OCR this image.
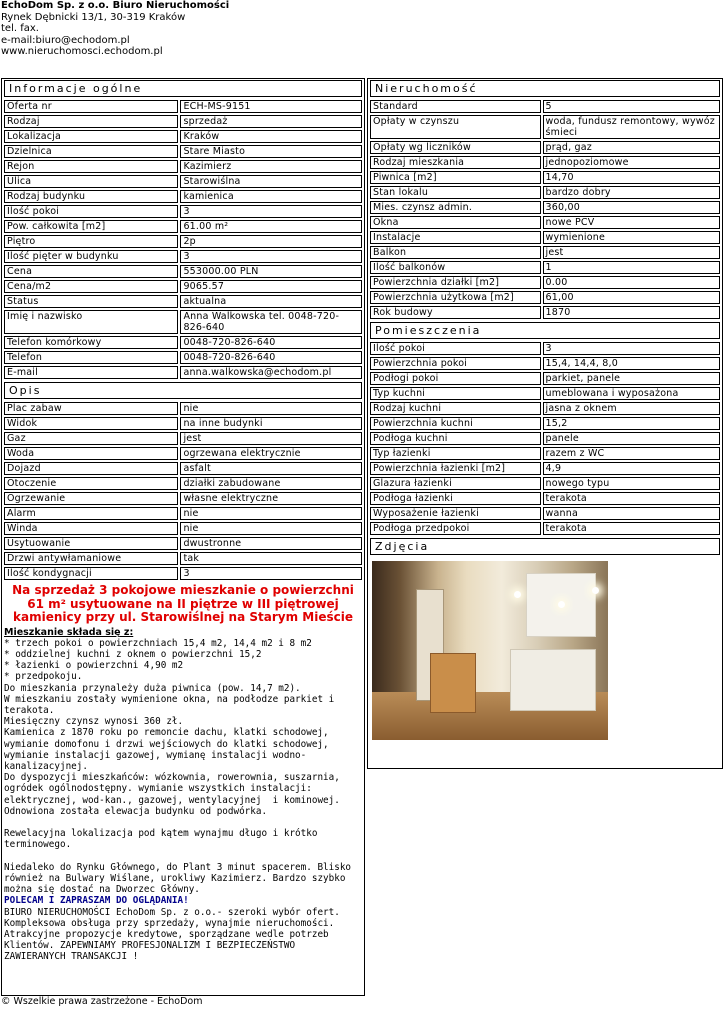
EchoDom Sp. z o.o. Biuro Nieruchomości
Rynek Dębnicki 13/1, 30-319 Kraków
tel. fax.
e-mail:biuro@echodom.pl
www.nieruchomosci.echodom.pl
Informacje ogólne
Oferta nr	ECH-MS-9151
Rodzaj	sprzedaż
Lokalizacja	Kraków
Dzielnica	Stare Miasto
Rejon	Kazimierz
Ulica	Starowiślna
Rodzaj budynku	kamienica
Ilość pokoi	3
Pow. całkowita [m2]	61.00 m²
Piętro	2p
Ilość pięter w budynku	3
Cena	553000.00 PLN
Cena/m2	9065.57
Status	aktualna
Imię i nazwisko	Anna Walkowska tel. 0048-720-826-640
Telefon komórkowy	0048-720-826-640
Telefon	0048-720-826-640
E-mail	anna.walkowska@echodom.pl
Opis
Plac zabaw	nie
Widok	na inne budynki
Gaz	jest
Woda	ogrzewana elektrycznie
Dojazd	asfalt
Otoczenie	działki zabudowane
Ogrzewanie	własne elektryczne
Alarm	nie
Winda	nie
Usytuowanie	dwustronne
Drzwi antywłamaniowe	tak
Ilość kondygnacji	3
Na sprzedaż 3 pokojowe mieszkanie o powierzchni 61 m² usytuowane na II piętrze w III piętrowej kamienicy przy ul. Starowiślnej na Starym Mieście
Mieszkanie składa się z:
* trzech pokoi o powierzchniach 15,4 m2, 14,4 m2 i 8 m2
* oddzielnej kuchni z oknem o powierzchni 15,2
* łazienki o powierzchni 4,90 m2
* przedpokoju.
Do mieszkania przynależy duża piwnica (pow. 14,7 m2).
W mieszkaniu zostały wymienione okna, na podłodze parkiet i terakota.
Miesięczny czynsz wynosi 360 zł.
Kamienica z 1870 roku po remoncie dachu, klatki schodowej, wymianie domofonu i drzwi wejściowych do klatki schodowej, wymianie instalacji gazowej, wymianę instalacji wodno-kanalizacyjnej.
Do dyspozycji mieszkańców: wózkownia, rowerownia, suszarnia, ogródek ogólnodostępny. wymianie wszystkich instalacji: elektrycznej, wod-kan., gazowej, wentylacyjnej  i kominowej. Odnowiona została elewacja budynku od podwórka.

Rewelacyjna lokalizacja pod kątem wynajmu długo i krótko terminowego.

Niedaleko do Rynku Głównego, do Plant 3 minut spacerem. Blisko również na Bulwary Wiślane, urokliwy Kazimierz. Bardzo szybko można się dostać na Dworzec Główny.
POLECAM I ZAPRASZAM DO OGLĄDANIA!
BIURO NIERUCHOMOŚCI EchoDom Sp. z o.o.- szeroki wybór ofert. Kompleksowa obsługa przy sprzedaży, wynajmie nieruchomości. Atrakcyjne propozycje kredytowe, sporządzane wedle potrzeb Klientów. ZAPEWNIAMY PROFESJONALIZM I BEZPIECZEŃSTWO ZAWIERANYCH TRANSAKCJI !
Nieruchomość
Standard	5
Opłaty w czynszu	woda, fundusz remontowy, wywóz śmieci
Opłaty wg liczników	prąd, gaz
Rodzaj mieszkania	jednopoziomowe
Piwnica [m2]	14,70
Stan lokalu	bardzo dobry
Mies. czynsz admin.	360,00
Okna	nowe PCV
Instalacje	wymienione
Balkon	jest
Ilość balkonów	1
Powierzchnia działki [m2]	0.00
Powierzchnia użytkowa [m2]	61,00
Rok budowy	1870
Pomieszczenia
Ilość pokoi	3
Powierzchnia pokoi	15,4, 14,4, 8,0
Podłogi pokoi	parkiet, panele
Typ kuchni	umeblowana i wyposażona
Rodzaj kuchni	jasna z oknem
Powierzchnia kuchni	15,2
Podłoga kuchni	panele
Typ łazienki	razem z WC
Powierzchnia łazienki [m2]	4,9
Glazura łazienki	nowego typu
Podłoga łazienki	terakota
Wyposażenie łazienki	wanna
Podłoga przedpokoi	terakota
Zdjęcia
© Wszelkie prawa zastrzeżone - EchoDom
